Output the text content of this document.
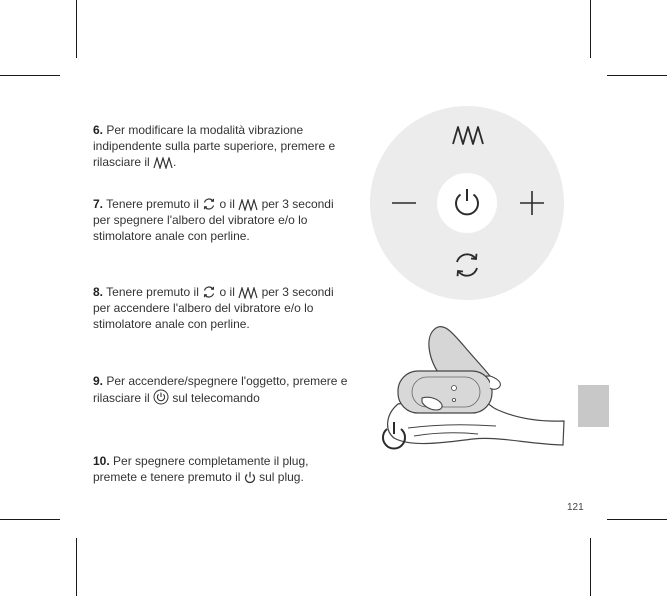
6. Per modificare la modalità vibrazione indipendente sulla parte superiore, premere e rilasciare il .
7. Tenere premuto il o il per 3 secondi per spegnere l'albero del vibratore e/o lo stimolatore anale con perline.
8. Tenere premuto il o il per 3 secondi per accendere l'albero del vibratore e/o lo stimolatore anale con perline.
9. Per accendere/spegnere l'oggetto, premere e rilasciare il sul telecomando
10. Per spegnere completamente il plug, premete e tenere premuto il sul plug.
121
